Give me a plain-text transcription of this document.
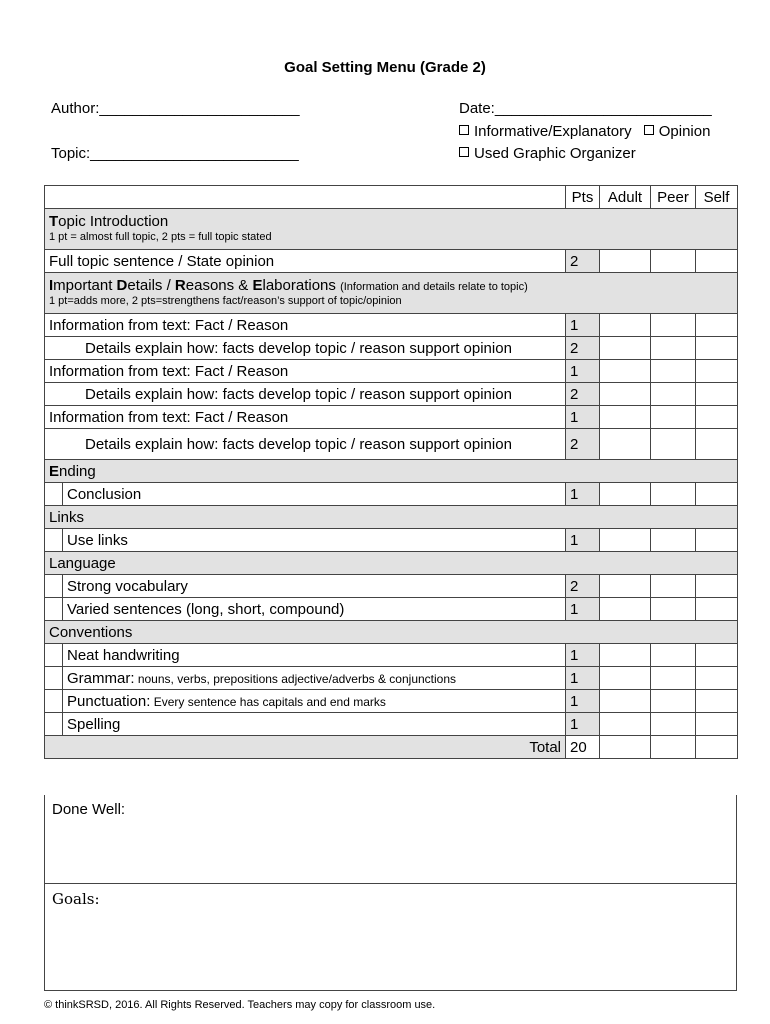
Goal Setting Menu (Grade 2)
Author:________________________
Topic:_________________________
Date:__________________________
Informative/Explanatory Opinion
Used Graphic Organizer
		Pts	Adult	Peer	Self

Topic Introduction
1 pt = almost full topic, 2 pts = full topic stated					

Full topic sentence / State opinion		2			

Important Details / Reasons & Elaborations (Information and details relate to topic)
1 pt=adds more, 2 pts=strengthens fact/reason’s support of topic/opinion					

Information from text: Fact / Reason		1			
Details explain how: facts develop topic / reason support opinion		2			
Information from text: Fact / Reason		1			
Details explain how: facts develop topic / reason support opinion		2			
Information from text: Fact / Reason		1			
Details explain how: facts develop topic / reason support opinion		2			
Ending					
	Conclusion	1			
Links					
	Use links	1			
Language					
	Strong vocabulary	2			
	Varied sentences (long, short, compound)	1			
Conventions					
	Neat handwriting	1			
	Grammar: nouns, verbs, prepositions adjective/adverbs & conjunctions	1			
	Punctuation: Every sentence has capitals and end marks	1			
	Spelling	1			
Total		20			
Done Well:
Goals:
© thinkSRSD, 2016. All Rights Reserved. Teachers may copy for classroom use.
